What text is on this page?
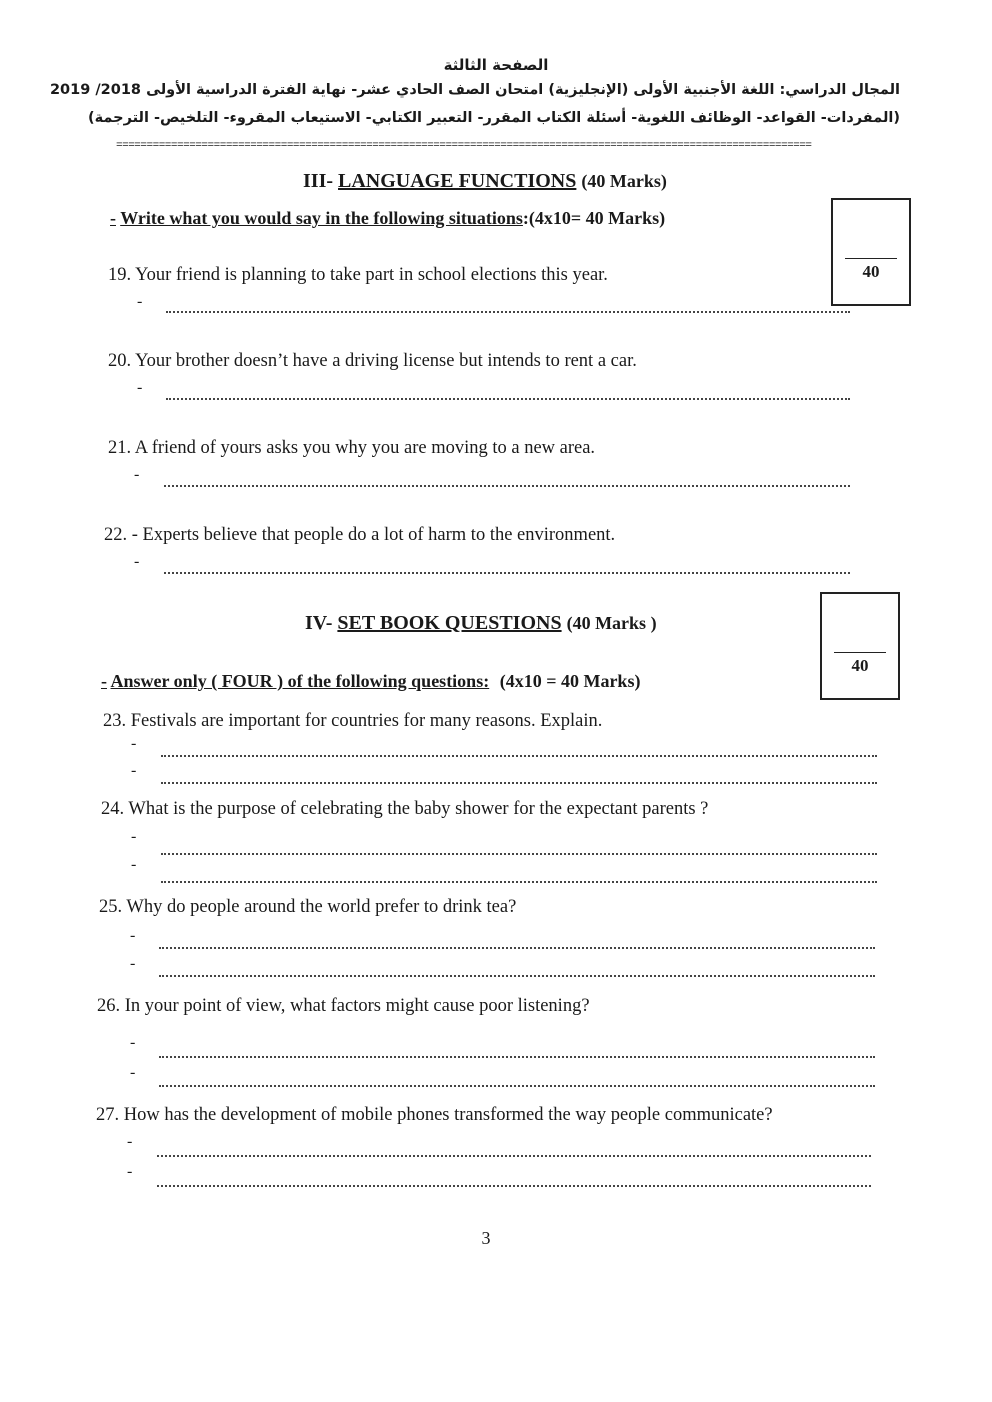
الصفحة الثالثة
المجال الدراسي: اللغة الأجنبية الأولى (الإنجليزية) امتحان الصف الحادي عشر- نهاية الفترة الدراسية الأولى 2018/ 2019
(المفردات- القواعد- الوظائف اللغوية- أسئلة الكتاب المقرر- التعبير الكتابي- الاستيعاب المقروء- التلخيص- الترجمة)
==================================================================================================================
III- LANGUAGE FUNCTIONS (40 Marks)
- Write what you would say in the following situations:(4x10= 40 Marks)
40
19. Your friend is planning to take part in school elections this year.
-
20. Your brother doesn’t have a driving license but intends to rent a car.
-
21. A friend of yours asks you why you are moving to a new area.
-
22. - Experts believe that people do a lot of harm to the environment.
-
IV- SET BOOK QUESTIONS (40 Marks )
- Answer only ( FOUR ) of the following questions: (4x10 = 40 Marks)
40
23. Festivals are important for countries for many reasons. Explain.
-
-
24. What is the purpose of celebrating the baby shower for the expectant parents ?
-
-
25. Why do people around the world prefer to drink tea?
-
-
26. In your point of view, what factors might cause poor listening?
-
-
27. How has the development of mobile phones transformed the way people communicate?
-
-
3
